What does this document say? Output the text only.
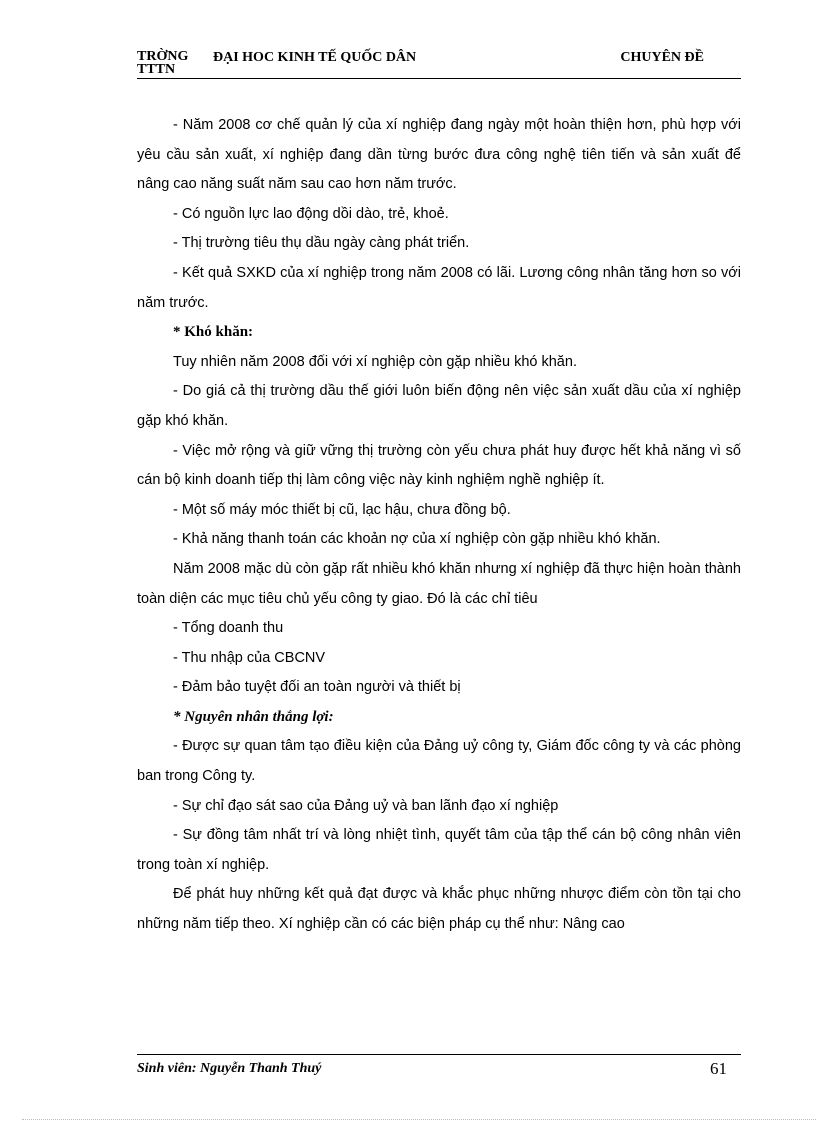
TRỜNG TTTN
ĐẠI HOC KINH TẾ QUỐC DÂN	CHUYÊN ĐỀ

- Năm 2008 cơ chế quản lý của xí nghiệp đang ngày một hoàn thiện hơn, phù hợp với yêu cầu sản xuất, xí nghiệp đang dần từng bước đưa công nghệ tiên tiến và sản xuất để nâng cao năng suất năm sau cao hơn năm trước.

- Có nguồn lực lao động dồi dào, trẻ, khoẻ.

- Thị trường tiêu thụ dầu ngày càng phát triển.

- Kết quả SXKD của xí nghiệp trong năm 2008 có lãi. Lương công nhân tăng hơn so với năm trước.

* Khó khăn:

Tuy nhiên năm 2008 đối với xí nghiệp còn gặp nhiều khó khăn.

- Do giá cả thị trường dầu thế giới luôn biến động nên việc sản xuất dầu của xí nghiệp gặp khó khăn.

- Việc mở rộng và giữ vững thị trường còn yếu chưa phát huy được hết khả năng vì số cán bộ kinh doanh tiếp thị làm công việc này kinh nghiệm nghề nghiệp ít.

- Một số máy móc thiết bị cũ, lạc hậu, chưa đồng bộ.

- Khả năng thanh toán các khoản nợ của xí nghiệp còn gặp nhiều khó khăn.

Năm 2008 mặc dù còn gặp rất nhiều khó khăn nhưng xí nghiệp đã thực hiện hoàn thành toàn diện các mục tiêu chủ yếu công ty giao. Đó là các chỉ tiêu

- Tổng doanh thu

- Thu nhập của CBCNV

- Đảm bảo tuyệt đối an toàn người và thiết bị

* Nguyên nhân thắng lợi:

- Được sự quan tâm tạo điều kiện của Đảng uỷ công ty, Giám đốc công ty và các phòng ban trong Công ty.

- Sự chỉ đạo sát sao của Đảng uỷ và ban lãnh đạo xí nghiệp

- Sự đồng tâm nhất trí và lòng nhiệt tình, quyết tâm của tập thể cán bộ công nhân viên trong toàn xí nghiệp.

Để phát huy những kết quả đạt được và khắc phục những nhược điểm còn tồn tại cho những năm tiếp theo. Xí nghiệp cần có các biện pháp cụ thể như: Nâng cao

Sinh viên: Nguyễn Thanh Thuý	61
